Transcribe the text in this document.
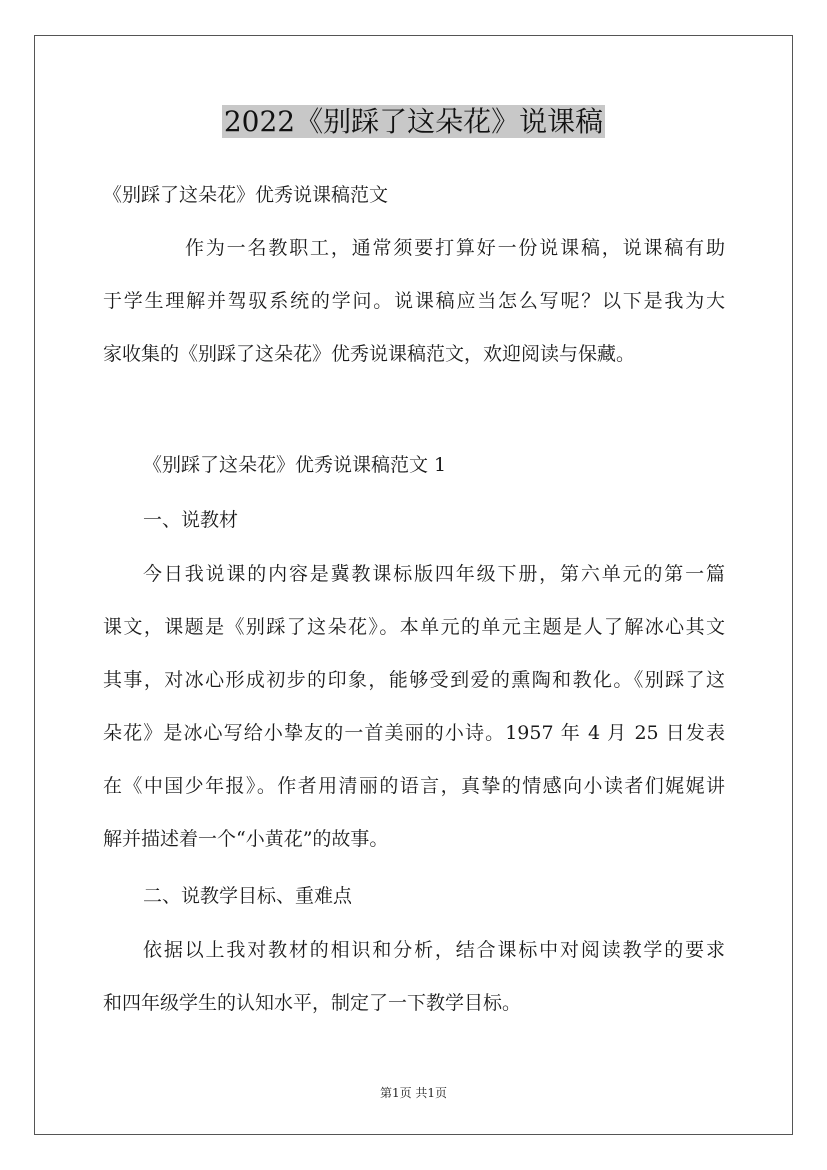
2022《别踩了这朵花》说课稿
《别踩了这朵花》优秀说课稿范文
作为一名教职工，通常须要打算好一份说课稿，说课稿有助
于学生理解并驾驭系统的学问。说课稿应当怎么写呢？以下是我为大
家收集的《别踩了这朵花》优秀说课稿范文，欢迎阅读与保藏。
《别踩了这朵花》优秀说课稿范文 1
一、说教材
今日我说课的内容是冀教课标版四年级下册，第六单元的第一篇
课文，课题是《别踩了这朵花》。本单元的单元主题是人了解冰心其文
其事，对冰心形成初步的印象，能够受到爱的熏陶和教化。《别踩了这
朵花》是冰心写给小挚友的一首美丽的小诗。1957 年 4 月 25 日发表
在《中国少年报》。作者用清丽的语言，真挚的情感向小读者们娓娓讲
解并描述着一个“小黄花”的故事。
二、说教学目标、重难点
依据以上我对教材的相识和分析，结合课标中对阅读教学的要求
和四年级学生的认知水平，制定了一下教学目标。
第1页 共1页
